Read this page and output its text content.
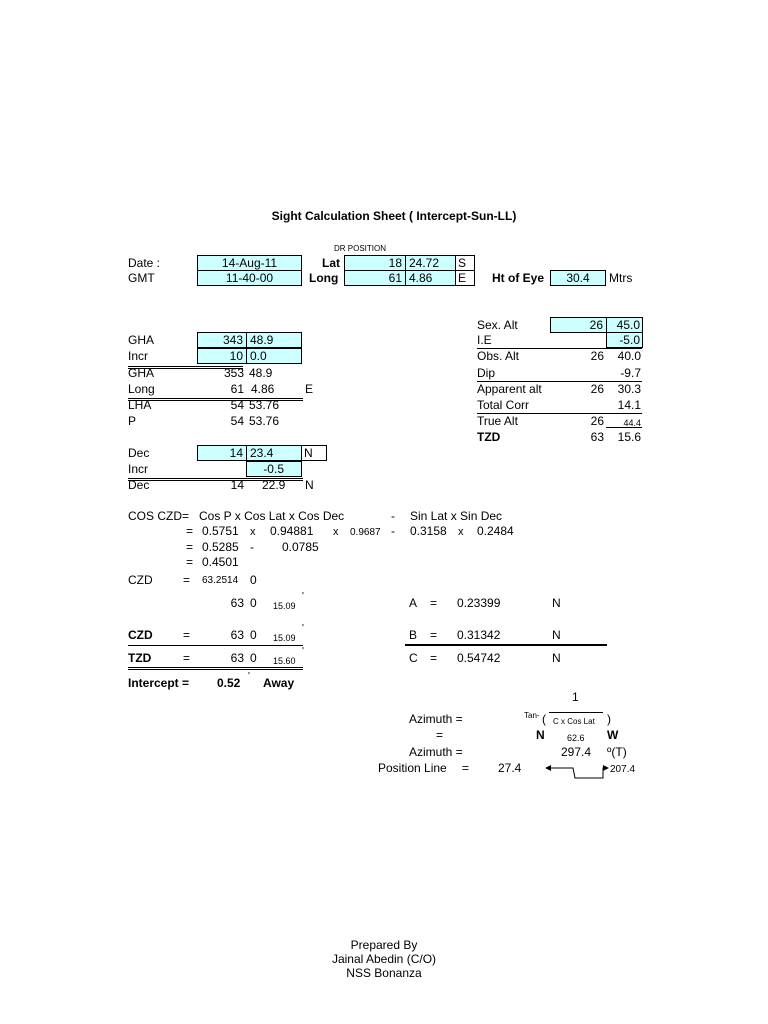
Sight Calculation Sheet ( Intercept-Sun-LL)
DR POSITION
Date :	14-Aug-11
GMT	11-40-00
Lat	18 24.72 S
Long	61 4.86 E Ht of Eye	30.4	Mtrs
GHA	343 48.9
Incr	10 0.0
GHA	353 48.9
Long	61 4.86	E
LHA	54 53.76
P	54 53.76
Dec	14 23.4	N
Incr	-0.5
Dec	14 22.9 N
Sex. Alt	26 45.0
I.E	-5.0
Obs. Alt	26	40.0
Dip	-9.7
Apparent alt	26	30.3
Total Corr	14.1
True Alt	26	44.4
TZD	63	15.6
COS CZD= Cos P x Cos Lat x Cos Dec	- Sin Lat x Sin Dec
= 0.5751 x 0.94881 x 0.9687 - 0.3158 x 0.2484
= 0.5285 - 0.0785
= 0.4501
CZD	= 63.2514 0
63 0 15.09
'
CZD	=	63 0 15.09
'
TZD	=	63 0 15.60
'
Intercept = 0.52 ' Away
A = 0.23399	N
B = 0.31342	N
C = 0.54742	N
1
Azimuth =	Tan- ( C x Cos Lat )
=	N 62.6 W
Azimuth =	297.4 º(T)
Position Line = 27.4	207.4
Prepared By
Jainal Abedin (C/O)
NSS Bonanza
